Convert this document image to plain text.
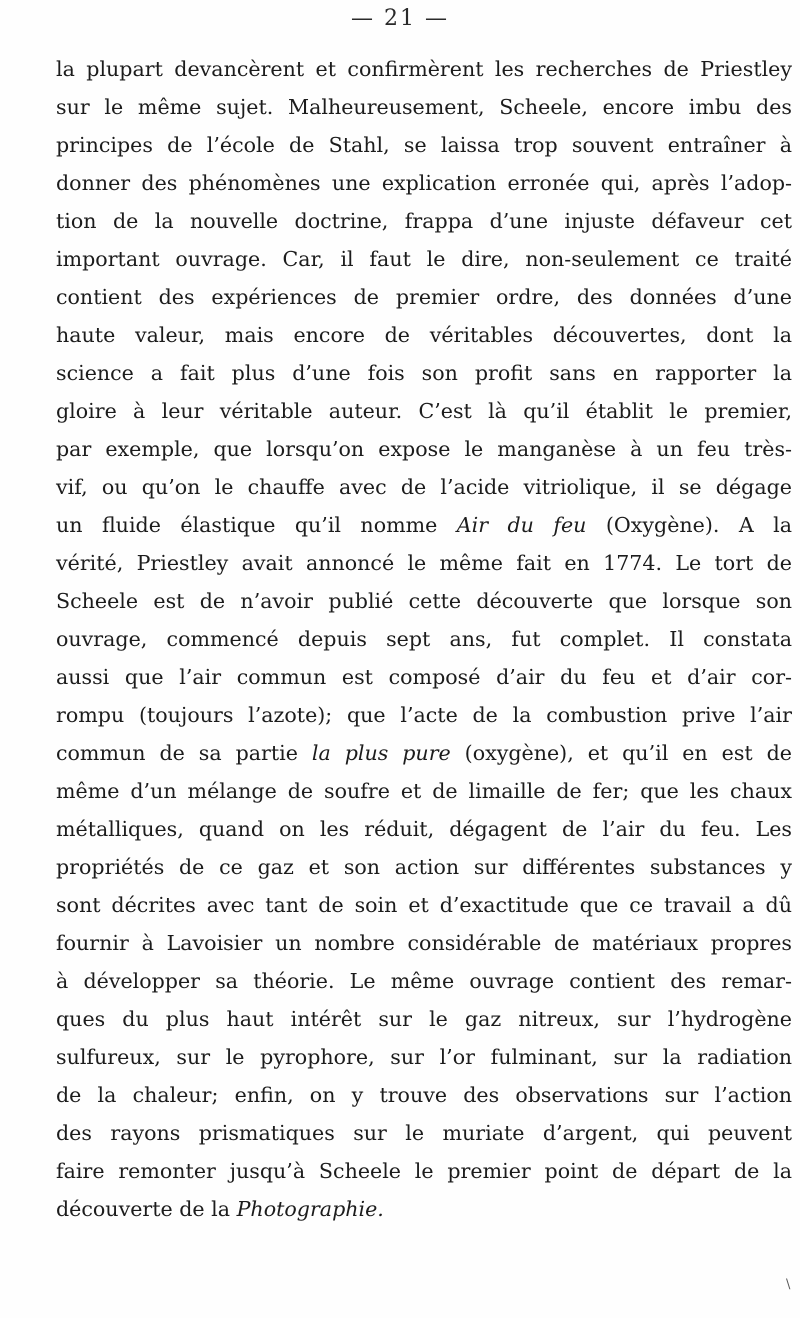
— 21 —
la plupart devancèrent et confirmèrent les recherches de Priestley
sur le même sujet. Malheureusement, Scheele, encore imbu des
principes de l’école de Stahl, se laissa trop souvent entraîner à
donner des phénomènes une explication erronée qui, après l’adop-
tion de la nouvelle doctrine, frappa d’une injuste défaveur cet
important ouvrage. Car, il faut le dire, non-seulement ce traité
contient des expériences de premier ordre, des données d’une
haute valeur, mais encore de véritables découvertes, dont la
science a fait plus d’une fois son profit sans en rapporter la
gloire à leur véritable auteur. C’est là qu’il établit le premier,
par exemple, que lorsqu’on expose le manganèse à un feu très-
vif, ou qu’on le chauffe avec de l’acide vitriolique, il se dégage
un fluide élastique qu’il nomme Air du feu (Oxygène). A la
vérité, Priestley avait annoncé le même fait en 1774. Le tort de
Scheele est de n’avoir publié cette découverte que lorsque son
ouvrage, commencé depuis sept ans, fut complet. Il constata
aussi que l’air commun est composé d’air du feu et d’air cor-
rompu (toujours l’azote); que l’acte de la combustion prive l’air
commun de sa partie la plus pure (oxygène), et qu’il en est de
même d’un mélange de soufre et de limaille de fer; que les chaux
métalliques, quand on les réduit, dégagent de l’air du feu. Les
propriétés de ce gaz et son action sur différentes substances y
sont décrites avec tant de soin et d’exactitude que ce travail a dû
fournir à Lavoisier un nombre considérable de matériaux propres
à développer sa théorie. Le même ouvrage contient des remar-
ques du plus haut intérêt sur le gaz nitreux, sur l’hydrogène
sulfureux, sur le pyrophore, sur l’or fulminant, sur la radiation
de la chaleur; enfin, on y trouve des observations sur l’action
des rayons prismatiques sur le muriate d’argent, qui peuvent
faire remonter jusqu’à Scheele le premier point de départ de la
découverte de la Photographie.
\
